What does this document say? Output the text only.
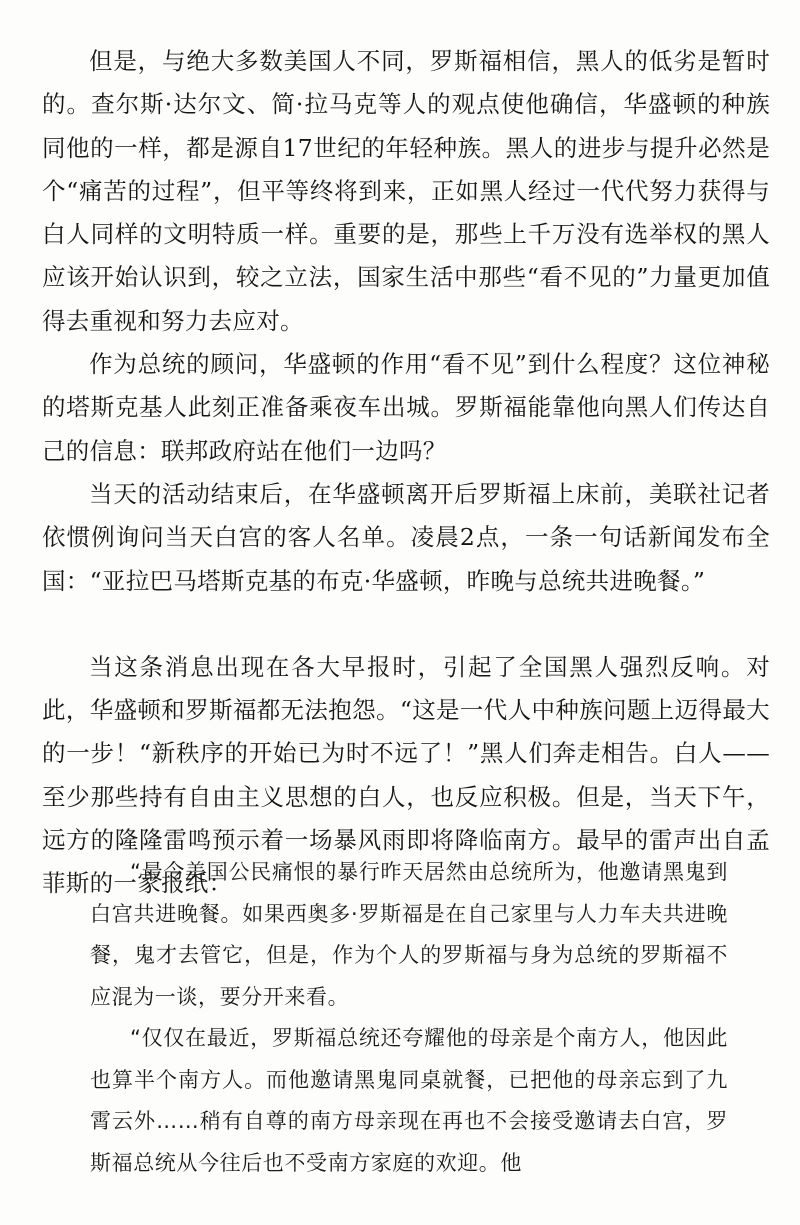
但是，与绝大多数美国人不同，罗斯福相信，黑人的低劣是暂时的。查尔斯·达尔文、简·拉马克等人的观点使他确信，华盛顿的种族同他的一样，都是源自17世纪的年轻种族。黑人的进步与提升必然是个“痛苦的过程”，但平等终将到来，正如黑人经过一代代努力获得与白人同样的文明特质一样。重要的是，那些上千万没有选举权的黑人应该开始认识到，较之立法，国家生活中那些“看不见的”力量更加值得去重视和努力去应对。

作为总统的顾问，华盛顿的作用“看不见”到什么程度？这位神秘的塔斯克基人此刻正准备乘夜车出城。罗斯福能靠他向黑人们传达自己的信息：联邦政府站在他们一边吗？

当天的活动结束后，在华盛顿离开后罗斯福上床前，美联社记者依惯例询问当天白宫的客人名单。凌晨2点，一条一句话新闻发布全国：“亚拉巴马塔斯克基的布克·华盛顿，昨晚与总统共进晚餐。”

当这条消息出现在各大早报时，引起了全国黑人强烈反响。对此，华盛顿和罗斯福都无法抱怨。“这是一代人中种族问题上迈得最大的一步！“新秩序的开始已为时不远了！”黑人们奔走相告。白人——至少那些持有自由主义思想的白人，也反应积极。但是，当天下午，远方的隆隆雷鸣预示着一场暴风雨即将降临南方。最早的雷声出自孟菲斯的一家报纸：

“最令美国公民痛恨的暴行昨天居然由总统所为，他邀请黑鬼到白宫共进晚餐。如果西奥多·罗斯福是在自己家里与人力车夫共进晚餐，鬼才去管它，但是，作为个人的罗斯福与身为总统的罗斯福不应混为一谈，要分开来看。

“仅仅在最近，罗斯福总统还夸耀他的母亲是个南方人，他因此也算半个南方人。而他邀请黑鬼同桌就餐，已把他的母亲忘到了九霄云外……稍有自尊的南方母亲现在再也不会接受邀请去白宫，罗斯福总统从今往后也不受南方家庭的欢迎。他
